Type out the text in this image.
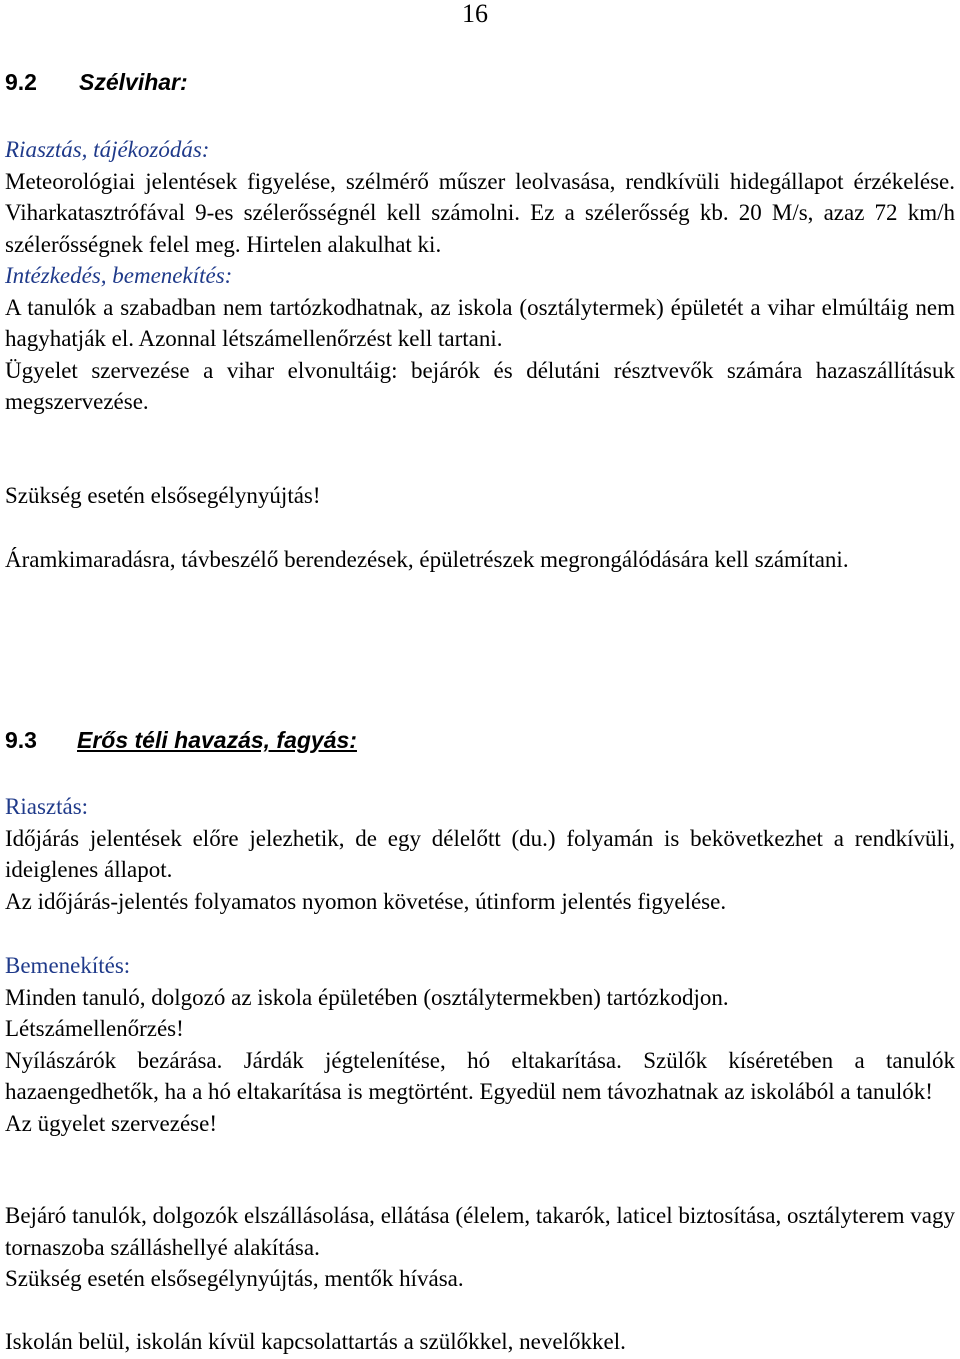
16
9.2 Szélvihar:

Riasztás, tájékozódás:

Meteorológiai jelentések figyelése, szélmérő műszer leolvasása, rendkívüli hidegállapot érzékelése. Viharkatasztrófával 9-es szélerősségnél kell számolni. Ez a szélerősség kb. 20 M/s, azaz 72 km/h szélerősségnek felel meg. Hirtelen alakulhat ki.

Intézkedés, bemenekítés:

A tanulók a szabadban nem tartózkodhatnak, az iskola (osztálytermek) épületét a vihar elmúltáig nem hagyhatják el. Azonnal létszámellenőrzést kell tartani.

Ügyelet szervezése a vihar elvonultáig: bejárók és délutáni résztvevők számára hazaszállításuk megszervezése.

Szükség esetén elsősegélynyújtás!

Áramkimaradásra, távbeszélő berendezések, épületrészek megrongálódására kell számítani.

9.3 Erős téli havazás, fagyás:

Riasztás:

Időjárás jelentések előre jelezhetik, de egy délelőtt (du.) folyamán is bekövetkezhet a rendkívüli, ideiglenes állapot.

Az időjárás-jelentés folyamatos nyomon követése, útinform jelentés figyelése.

Bemenekítés:

Minden tanuló, dolgozó az iskola épületében (osztálytermekben) tartózkodjon.

Létszámellenőrzés!

Nyílászárók bezárása. Járdák jégtelenítése, hó eltakarítása. Szülők kíséretében a tanulók hazaengedhetők, ha a hó eltakarítása is megtörtént. Egyedül nem távozhatnak az iskolából a tanulók!

Az ügyelet szervezése!

Bejáró tanulók, dolgozók elszállásolása, ellátása (élelem, takarók, laticel biztosítása, osztályterem vagy tornaszoba szálláshellyé alakítása.

Szükség esetén elsősegélynyújtás, mentők hívása.

Iskolán belül, iskolán kívül kapcsolattartás a szülőkkel, nevelőkkel.
